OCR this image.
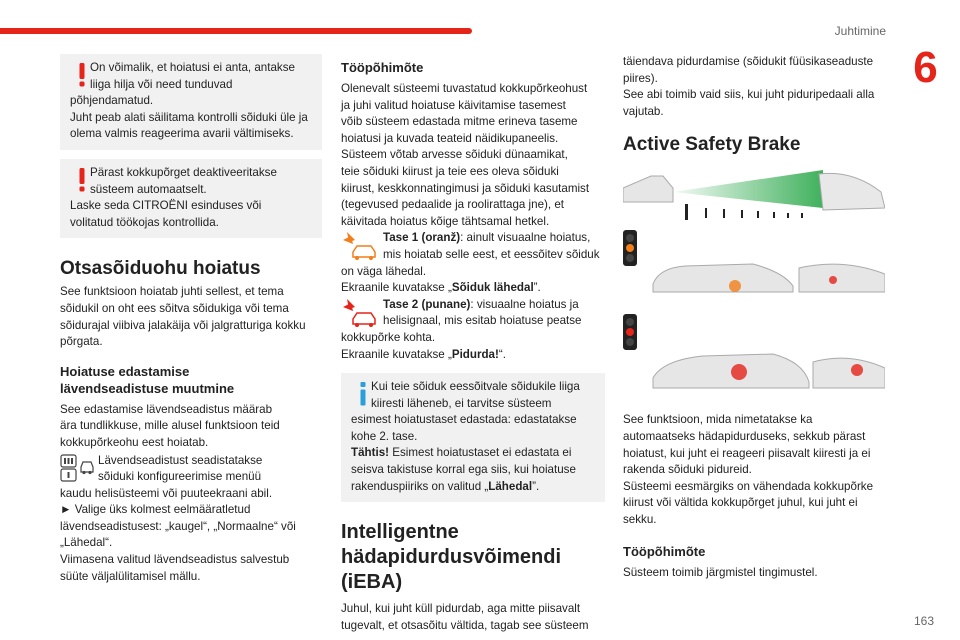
Juhtimine
6
163

On võimalik, et hoiatusi ei anta, antakse

liiga hilja või need tunduvad

põhjendamatud.

Juht peab alati säilitama kontrolli sõiduki üle ja

olema valmis reageerima avarii vältimiseks.

Pärast kokkupõrget deaktiveeritakse

süsteem automaatselt.

Laske seda CITROËNI esinduses või

volitatud töökojas kontrollida.

Otsasõiduohu hoiatus

See funktsioon hoiatab juhti sellest, et tema

sõidukil on oht ees sõitva sõidukiga või tema

sõidurajal viibiva jalakäija või jalgratturiga kokku

põrgata.

Hoiatuse edastamise
lävendseadistuse muutmine

See edastamise lävendseadistus määrab

ära tundlikkuse, mille alusel funktsioon teid

kokkupõrkeohu eest hoiatab.

Lävendseadistust seadistatakse

sõiduki konfigureerimise menüü

kaudu helisüsteemi või puuteekraani abil.

► Valige üks kolmest eelmääratletud

lävendseadistusest: „kaugel“, „Normaalne“ või

„Lähedal“.

Viimasena valitud lävendseadistus salvestub

süüte väljalülitamisel mällu.

Tööpõhimõte

Olenevalt süsteemi tuvastatud kokkupõrkeohust

ja juhi valitud hoiatuse käivitamise tasemest

võib süsteem edastada mitme erineva taseme

hoiatusi ja kuvada teateid näidikupaneelis.

Süsteem võtab arvesse sõiduki dünaamikat,

teie sõiduki kiirust ja teie ees oleva sõiduki

kiirust, keskkonnatingimusi ja sõiduki kasutamist

(tegevused pedaalide ja roolirattaga jne), et

käivitada hoiatus kõige tähtsamal hetkel.

Tase 1 (oranž): ainult visuaalne hoiatus,

mis hoiatab selle eest, et eessõitev sõiduk

on väga lähedal.

Ekraanile kuvatakse „Sõiduk lähedal”.

Tase 2 (punane): visuaalne hoiatus ja

helisignaal, mis esitab hoiatuse peatse

kokkupõrke kohta.

Ekraanile kuvatakse „Pidurda!“.

Kui teie sõiduk eessõitvale sõidukile liiga

kiiresti läheneb, ei tarvitse süsteem

esimest hoiatustaset edastada: edastatakse

kohe 2. tase.

Tähtis! Esimest hoiatustaset ei edastata ei

seisva takistuse korral ega siis, kui hoiatuse

rakenduspiiriks on valitud „Lähedal”.

Intelligentne
hädapidurdusvõimendi
(iEBA)

Juhul, kui juht küll pidurdab, aga mitte piisavalt

tugevalt, et otsasõitu vältida, tagab see süsteem

täiendava pidurdamise (sõidukit füüsikaseaduste

piires).

See abi toimib vaid siis, kui juht piduripedaali alla

vajutab.

Active Safety Brake

See funktsioon, mida nimetatakse ka

automaatseks hädapidurduseks, sekkub pärast

hoiatust, kui juht ei reageeri piisavalt kiiresti ja ei

rakenda sõiduki pidureid.

Süsteemi eesmärgiks on vähendada kokkupõrke

kiirust või vältida kokkupõrget juhul, kui juht ei

sekku.

Tööpõhimõte

Süsteem toimib järgmistel tingimustel.
